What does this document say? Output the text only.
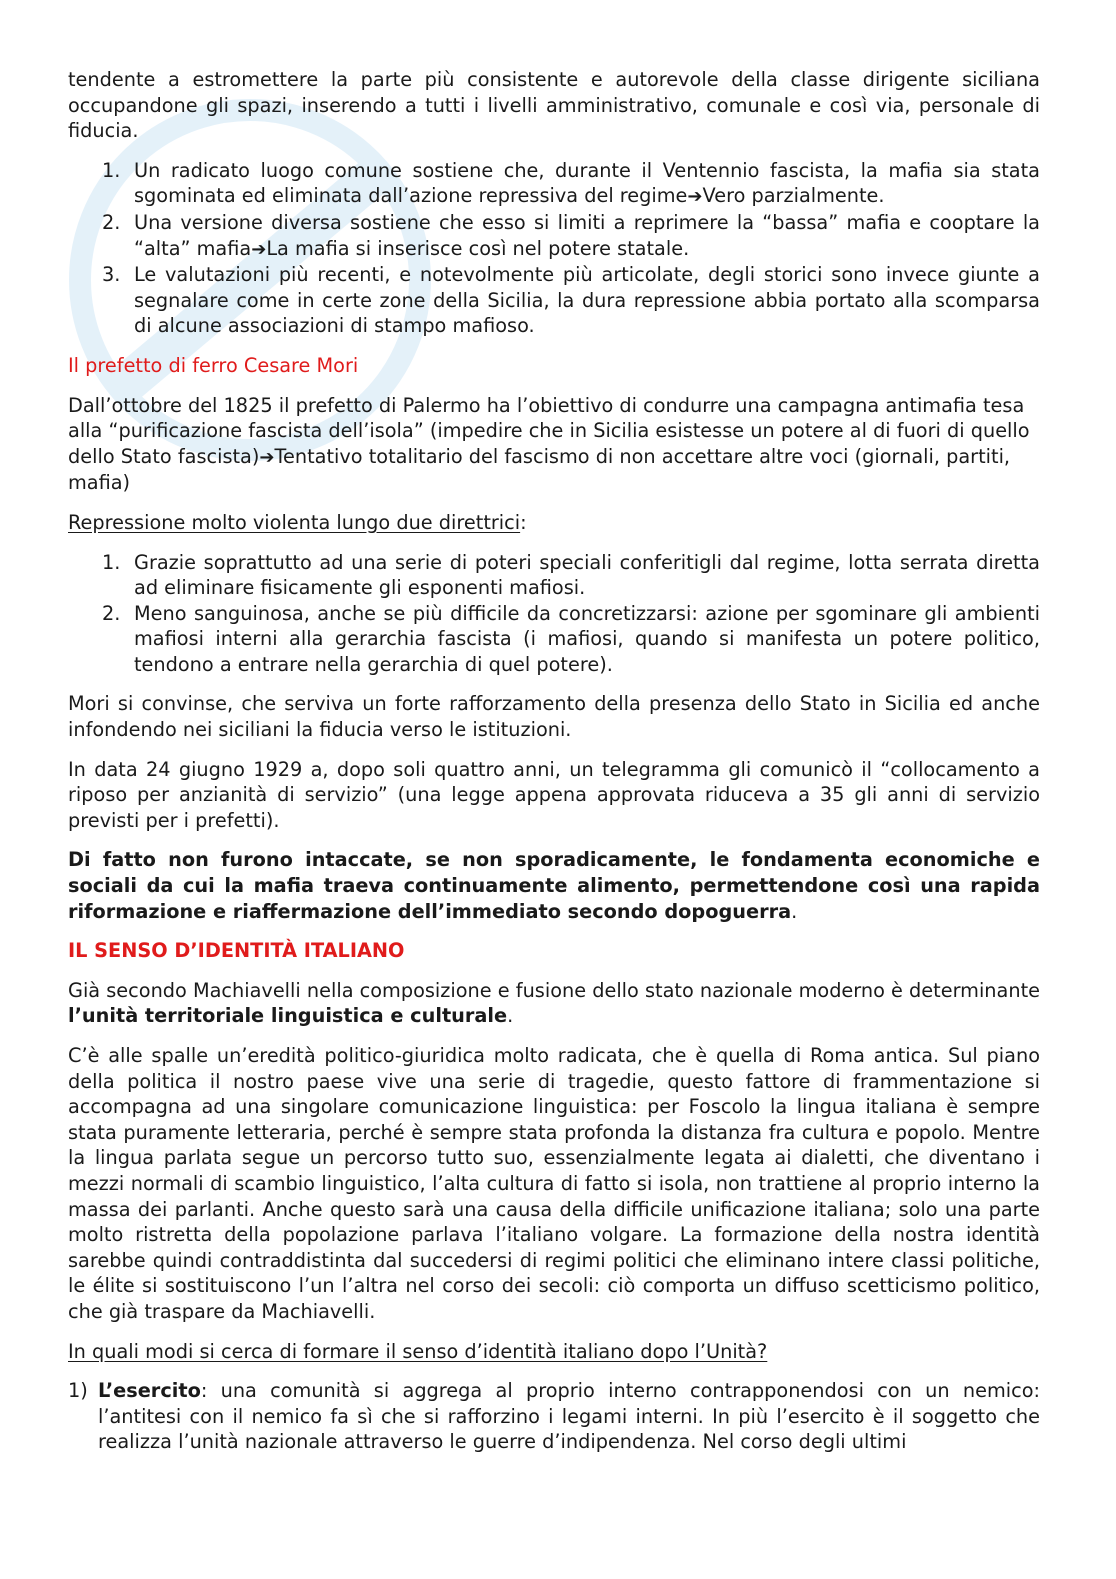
tendente a estromettere la parte più consistente e autorevole della classe dirigente siciliana occupandone gli spazi, inserendo a tutti i livelli amministrativo, comunale e così via, personale di fiducia.

1. Un radicato luogo comune sostiene che, durante il Ventennio fascista, la mafia sia stata sgominata ed eliminata dall’azione repressiva del regime➔Vero parzialmente.
2. Una versione diversa sostiene che esso si limiti a reprimere la “bassa” mafia e cooptare la “alta” mafia➔La mafia si inserisce così nel potere statale.
3. Le valutazioni più recenti, e notevolmente più articolate, degli storici sono invece giunte a segnalare come in certe zone della Sicilia, la dura repressione abbia portato alla scomparsa di alcune associazioni di stampo mafioso.

Il prefetto di ferro Cesare Mori

Dall’ottobre del 1825 il prefetto di Palermo ha l’obiettivo di condurre una campagna antimafia tesa alla “purificazione fascista dell’isola” (impedire che in Sicilia esistesse un potere al di fuori di quello dello Stato fascista)➔Tentativo totalitario del fascismo di non accettare altre voci (giornali, partiti, mafia)

Repressione molto violenta lungo due direttrici:

1. Grazie soprattutto ad una serie di poteri speciali conferitigli dal regime, lotta serrata diretta ad eliminare fisicamente gli esponenti mafiosi.
2. Meno sanguinosa, anche se più difficile da concretizzarsi: azione per sgominare gli ambienti mafiosi interni alla gerarchia fascista (i mafiosi, quando si manifesta un potere politico, tendono a entrare nella gerarchia di quel potere).

Mori si convinse, che serviva un forte rafforzamento della presenza dello Stato in Sicilia ed anche infondendo nei siciliani la fiducia verso le istituzioni.

In data 24 giugno 1929 a, dopo soli quattro anni, un telegramma gli comunicò il “collocamento a riposo per anzianità di servizio” (una legge appena approvata riduceva a 35 gli anni di servizio previsti per i prefetti).

Di fatto non furono intaccate, se non sporadicamente, le fondamenta economiche e sociali da cui la mafia traeva continuamente alimento, permettendone così una rapida riformazione e riaffermazione dell’immediato secondo dopoguerra.

IL SENSO D’IDENTITÀ ITALIANO

Già secondo Machiavelli nella composizione e fusione dello stato nazionale moderno è determinante l’unità territoriale linguistica e culturale.

C’è alle spalle un’eredità politico-giuridica molto radicata, che è quella di Roma antica. Sul piano della politica il nostro paese vive una serie di tragedie, questo fattore di frammentazione si accompagna ad una singolare comunicazione linguistica: per Foscolo la lingua italiana è sempre stata puramente letteraria, perché è sempre stata profonda la distanza fra cultura e popolo. Mentre la lingua parlata segue un percorso tutto suo, essenzialmente legata ai dialetti, che diventano i mezzi normali di scambio linguistico, l’alta cultura di fatto si isola, non trattiene al proprio interno la massa dei parlanti. Anche questo sarà una causa della difficile unificazione italiana; solo una parte molto ristretta della popolazione parlava l’italiano volgare. La formazione della nostra identità sarebbe quindi contraddistinta dal succedersi di regimi politici che eliminano intere classi politiche, le élite si sostituiscono l’un l’altra nel corso dei secoli: ciò comporta un diffuso scetticismo politico, che già traspare da Machiavelli.

In quali modi si cerca di formare il senso d’identità italiano dopo l’Unità?

1) L’esercito: una comunità si aggrega al proprio interno contrapponendosi con un nemico: l’antitesi con il nemico fa sì che si rafforzino i legami interni. In più l’esercito è il soggetto che realizza l’unità nazionale attraverso le guerre d’indipendenza. Nel corso degli ultimi
